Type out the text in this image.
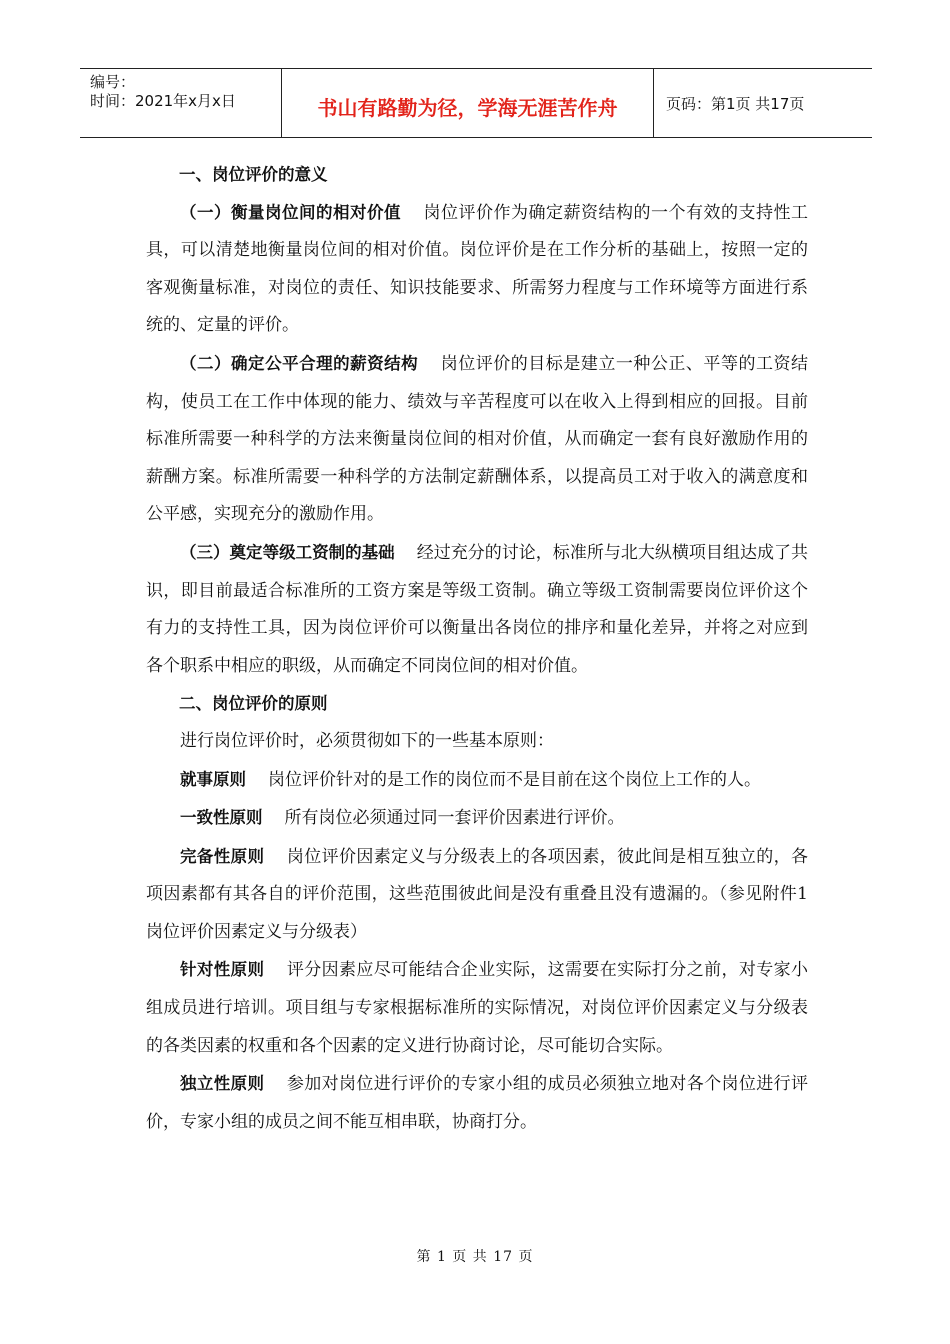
编号：
时间：2021年x月x日	书山有路勤为径，学海无涯苦作舟	页码：第1页 共17页

一、岗位评价的意义

（一）衡量岗位间的相对价值 岗位评价作为确定薪资结构的一个有效的支持性工具，可以清楚地衡量岗位间的相对价值。岗位评价是在工作分析的基础上，按照一定的客观衡量标准，对岗位的责任、知识技能要求、所需努力程度与工作环境等方面进行系统的、定量的评价。

（二）确定公平合理的薪资结构 岗位评价的目标是建立一种公正、平等的工资结构，使员工在工作中体现的能力、绩效与辛苦程度可以在收入上得到相应的回报。目前标准所需要一种科学的方法来衡量岗位间的相对价值，从而确定一套有良好激励作用的薪酬方案。标准所需要一种科学的方法制定薪酬体系，以提高员工对于收入的满意度和公平感，实现充分的激励作用。

（三）奠定等级工资制的基础 经过充分的讨论，标准所与北大纵横项目组达成了共识，即目前最适合标准所的工资方案是等级工资制。确立等级工资制需要岗位评价这个有力的支持性工具，因为岗位评价可以衡量出各岗位的排序和量化差异，并将之对应到各个职系中相应的职级，从而确定不同岗位间的相对价值。

二、岗位评价的原则

进行岗位评价时，必须贯彻如下的一些基本原则：

就事原则 岗位评价针对的是工作的岗位而不是目前在这个岗位上工作的人。

一致性原则 所有岗位必须通过同一套评价因素进行评价。

完备性原则 岗位评价因素定义与分级表上的各项因素，彼此间是相互独立的，各项因素都有其各自的评价范围，这些范围彼此间是没有重叠且没有遗漏的。（参见附件1 岗位评价因素定义与分级表）

针对性原则 评分因素应尽可能结合企业实际，这需要在实际打分之前，对专家小组成员进行培训。项目组与专家根据标准所的实际情况，对岗位评价因素定义与分级表的各类因素的权重和各个因素的定义进行协商讨论，尽可能切合实际。

独立性原则 参加对岗位进行评价的专家小组的成员必须独立地对各个岗位进行评价，专家小组的成员之间不能互相串联，协商打分。

第 1 页 共 17 页
